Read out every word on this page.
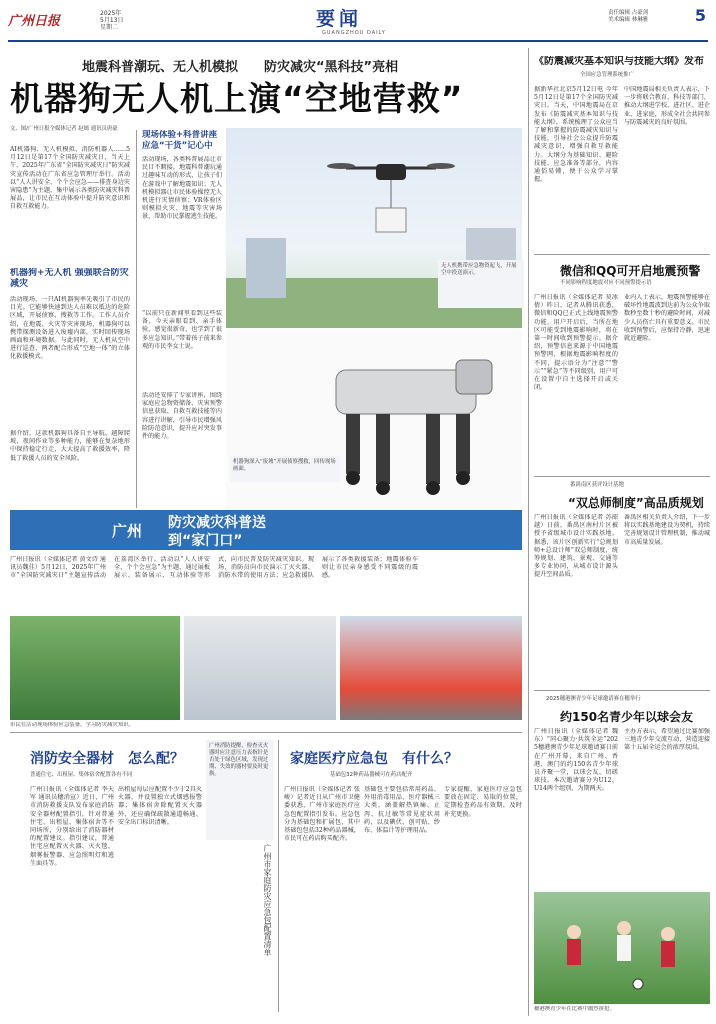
广州日报
2025年
5月13日
星期二	要闻
GUANGZHOU DAILY
责任编辑 占豪剑
美术编辑 林琳雅	5
地震科普潮玩、无人机模拟　　防灾减灾“黑科技”亮相
机器狗无人机上演“空地营救”
文、图/广州日报全媒体记者 赵嫣 通讯员唐豪
AI机器狗、无人机模拟、消防机器人……5月12日是第17个全国防灾减灾日，当天上午，2025年广东省“全国防灾减灾日”防灾减灾宣传活动在广东省应急管理厅举行。活动以“人人讲安全、个个会应急——排查身边灾害隐患”为主题，集中展示各类防灾减灾科普展品，让市民在互动体验中提升防灾意识和自救互救能力。
机器狗+无人机 强强联合防灾减灾
活动现场，一只AI机器狗率先吸引了市民的目光。它能够快速到达人员难以抵达的危险区域，开展侦察、搜救等工作。工作人员介绍，在地震、火灾等灾害现场，机器狗可以携带探测设备进入废墟内部，实时回传现场画面和环境数据。与此同时，无人机从空中进行巡查，两者配合形成“空地一体”的立体化救援模式。
据介绍，这款机器狗具备自主导航、越障爬坡、夜间作业等多种能力，能够在复杂地形中保持稳定行走，大大提高了救援效率，降低了救援人员的安全风险。
现场体验+科普讲座 应急“干货”记心中
活动现场，各类科普展品让市民目不暇接。地震科普潮玩通过趣味互动的形式，让孩子们在游戏中了解地震知识；无人机模拟器让市民体验操控无人机进行灾情侦察；VR体验区则模拟火灾、地震等灾害场景，帮助市民掌握逃生技能。
“以前只在新闻里看到这些装备，今天亲眼看到、亲手体验，感觉很新奇，也学到了很多应急知识。”带着孩子前来参观的市民李女士说。
活动还安排了专家讲座，围绕家庭应急物资储备、灾害预警信息获取、自救互救技能等内容进行讲解，引导市民增强风险防范意识，提升应对突发事件的能力。
无人机携带应急物资起飞，开展空中投送演示。
机器狗深入“废墟”开展侦察搜救，回传现场画面。
广州 防灾减灾科普送到“家门口”
广州日报讯（全媒体记者 黄文诗 通讯员魏佳）5月12日，2025年广州市“全国防灾减灾日”主题宣传活动在荔湾区举行。活动以“人人讲安全、个个会应急”为主题，通过展板展示、装备展示、互动体验等形式，向市民普及防灾减灾知识。现场，消防员向市民演示了灭火器、消防水带的使用方法；应急救援队展示了各类救援装备；地震体验车则让市民亲身感受不同震级的震感。
市民在活动现场体验应急装备，学习防灾减灾知识。
消防安全器材　怎么配？
普通住宅、出租屋、集体宿舍配置各有不同
广州日报讯（全媒体记者 李天军 通讯员穗消宣）近日，广州市消防救援支队发布家庭消防安全器材配置指引，针对普通住宅、出租屋、集体宿舍等不同场所，分别给出了消防器材的配置建议。指引建议，普通住宅应配置灭火器、灭火毯、烟雾报警器、应急照明灯和逃生面具等。
出租屋每层应配置不少于2具灭火器，并设置独立式烟感报警器；集体宿舍除配置灭火器外，还应确保疏散通道畅通、安全出口标识清晰。
广州消防提醒，检查灭火器时应注意压力表指针是否处于绿色区域，发现过期、失效的器材要及时更换。
广州市家庭防灾应急包配置清单
家庭医疗应急包　有什么？
基础包32种药品器械可在药店配齐
广州日报讯（全媒体记者 张峻）记者近日从广州市卫健委获悉，广州市家庭医疗应急包配置指引发布。应急包分为基础包和扩展包，其中基础包包括32种药品器械，市民可在药店购买配齐。
基础包主要包括常用药品、外用消毒用品、医疗器械三大类，涵盖解热镇痛、止泻、抗过敏等常见症状用药，以及碘伏、创可贴、纱布、体温计等护理用品。
专家提醒，家庭医疗应急包要放在固定、易取的位置，定期检查药品有效期，及时补充更换。
《防震减灾基本知识与技能大纲》发布
全国应急管理系统推广
据新华社北京5月12日电 今年5月12日是第17个全国防灾减灾日。当天，中国地震局在京发布《防震减灾基本知识与技能大纲》，系统梳理了公众应当了解和掌握的防震减灾知识与技能，引导社会公众提升防震减灾意识，增强自救互救能力。大纲分为基础知识、避险技能、应急准备等部分，内容通俗易懂，便于公众学习掌握。
中国地震局相关负责人表示，下一步将联合教育、科技等部门，推动大纲进学校、进社区、进企业、进家庭，形成全社会共同参与防震减灾的良好氛围。
微信和QQ可开启地震预警
不同影响程度地震对应不同预警提示语
广州日报讯（全媒体记者 莫冰倩）昨日，记者从腾讯获悉，微信和QQ已正式上线地震预警功能，用户开启后，当所在地区可能受到地震影响时，将在第一时间收到预警提示。据介绍，预警信息来源于中国地震预警网，根据地震影响程度的不同，提示语分为“注意”“警示”“紧急”等不同级别，用户可在设置中自主选择开启或关闭。
业内人士表示，地震预警能够在破坏性地震波到达前为公众争取数秒至数十秒的避险时间，对减少人员伤亡具有重要意义。市民收到预警后，应保持冷静，迅速就近避险。
番禺南区获评设计基地
“双总师制度”高品质规划
广州日报讯（全媒体记者 苏韶越）日前，番禺区南村片区被授予省级城市设计实践基地。据悉，该片区创新实行“总规划师+总设计师”双总师制度，统筹规划、建筑、景观、交通等多专业协同，从城市设计源头提升空间品质。
番禺区相关负责人介绍，下一步将以实践基地建设为契机，持续完善规划设计管理机制，推动城市高质量发展。
2025穗港澳青少年足球邀请赛在穗举行
约150名青少年以球会友
广州日报讯（全媒体记者 魏东）“同心聚力·共筑全运”2025穗港澳青少年足球邀请赛日前在广州开幕，来自广州、香港、澳门的约150名青少年球员齐聚一堂，以球会友、切磋球技。本次邀请赛分为U12、U14两个组别，为期两天。
主办方表示，希望通过比赛加强三地青少年交流互动，营造迎接第十五届全运会的浓厚氛围。
穗港澳青少年在比赛中激烈拼抢。
